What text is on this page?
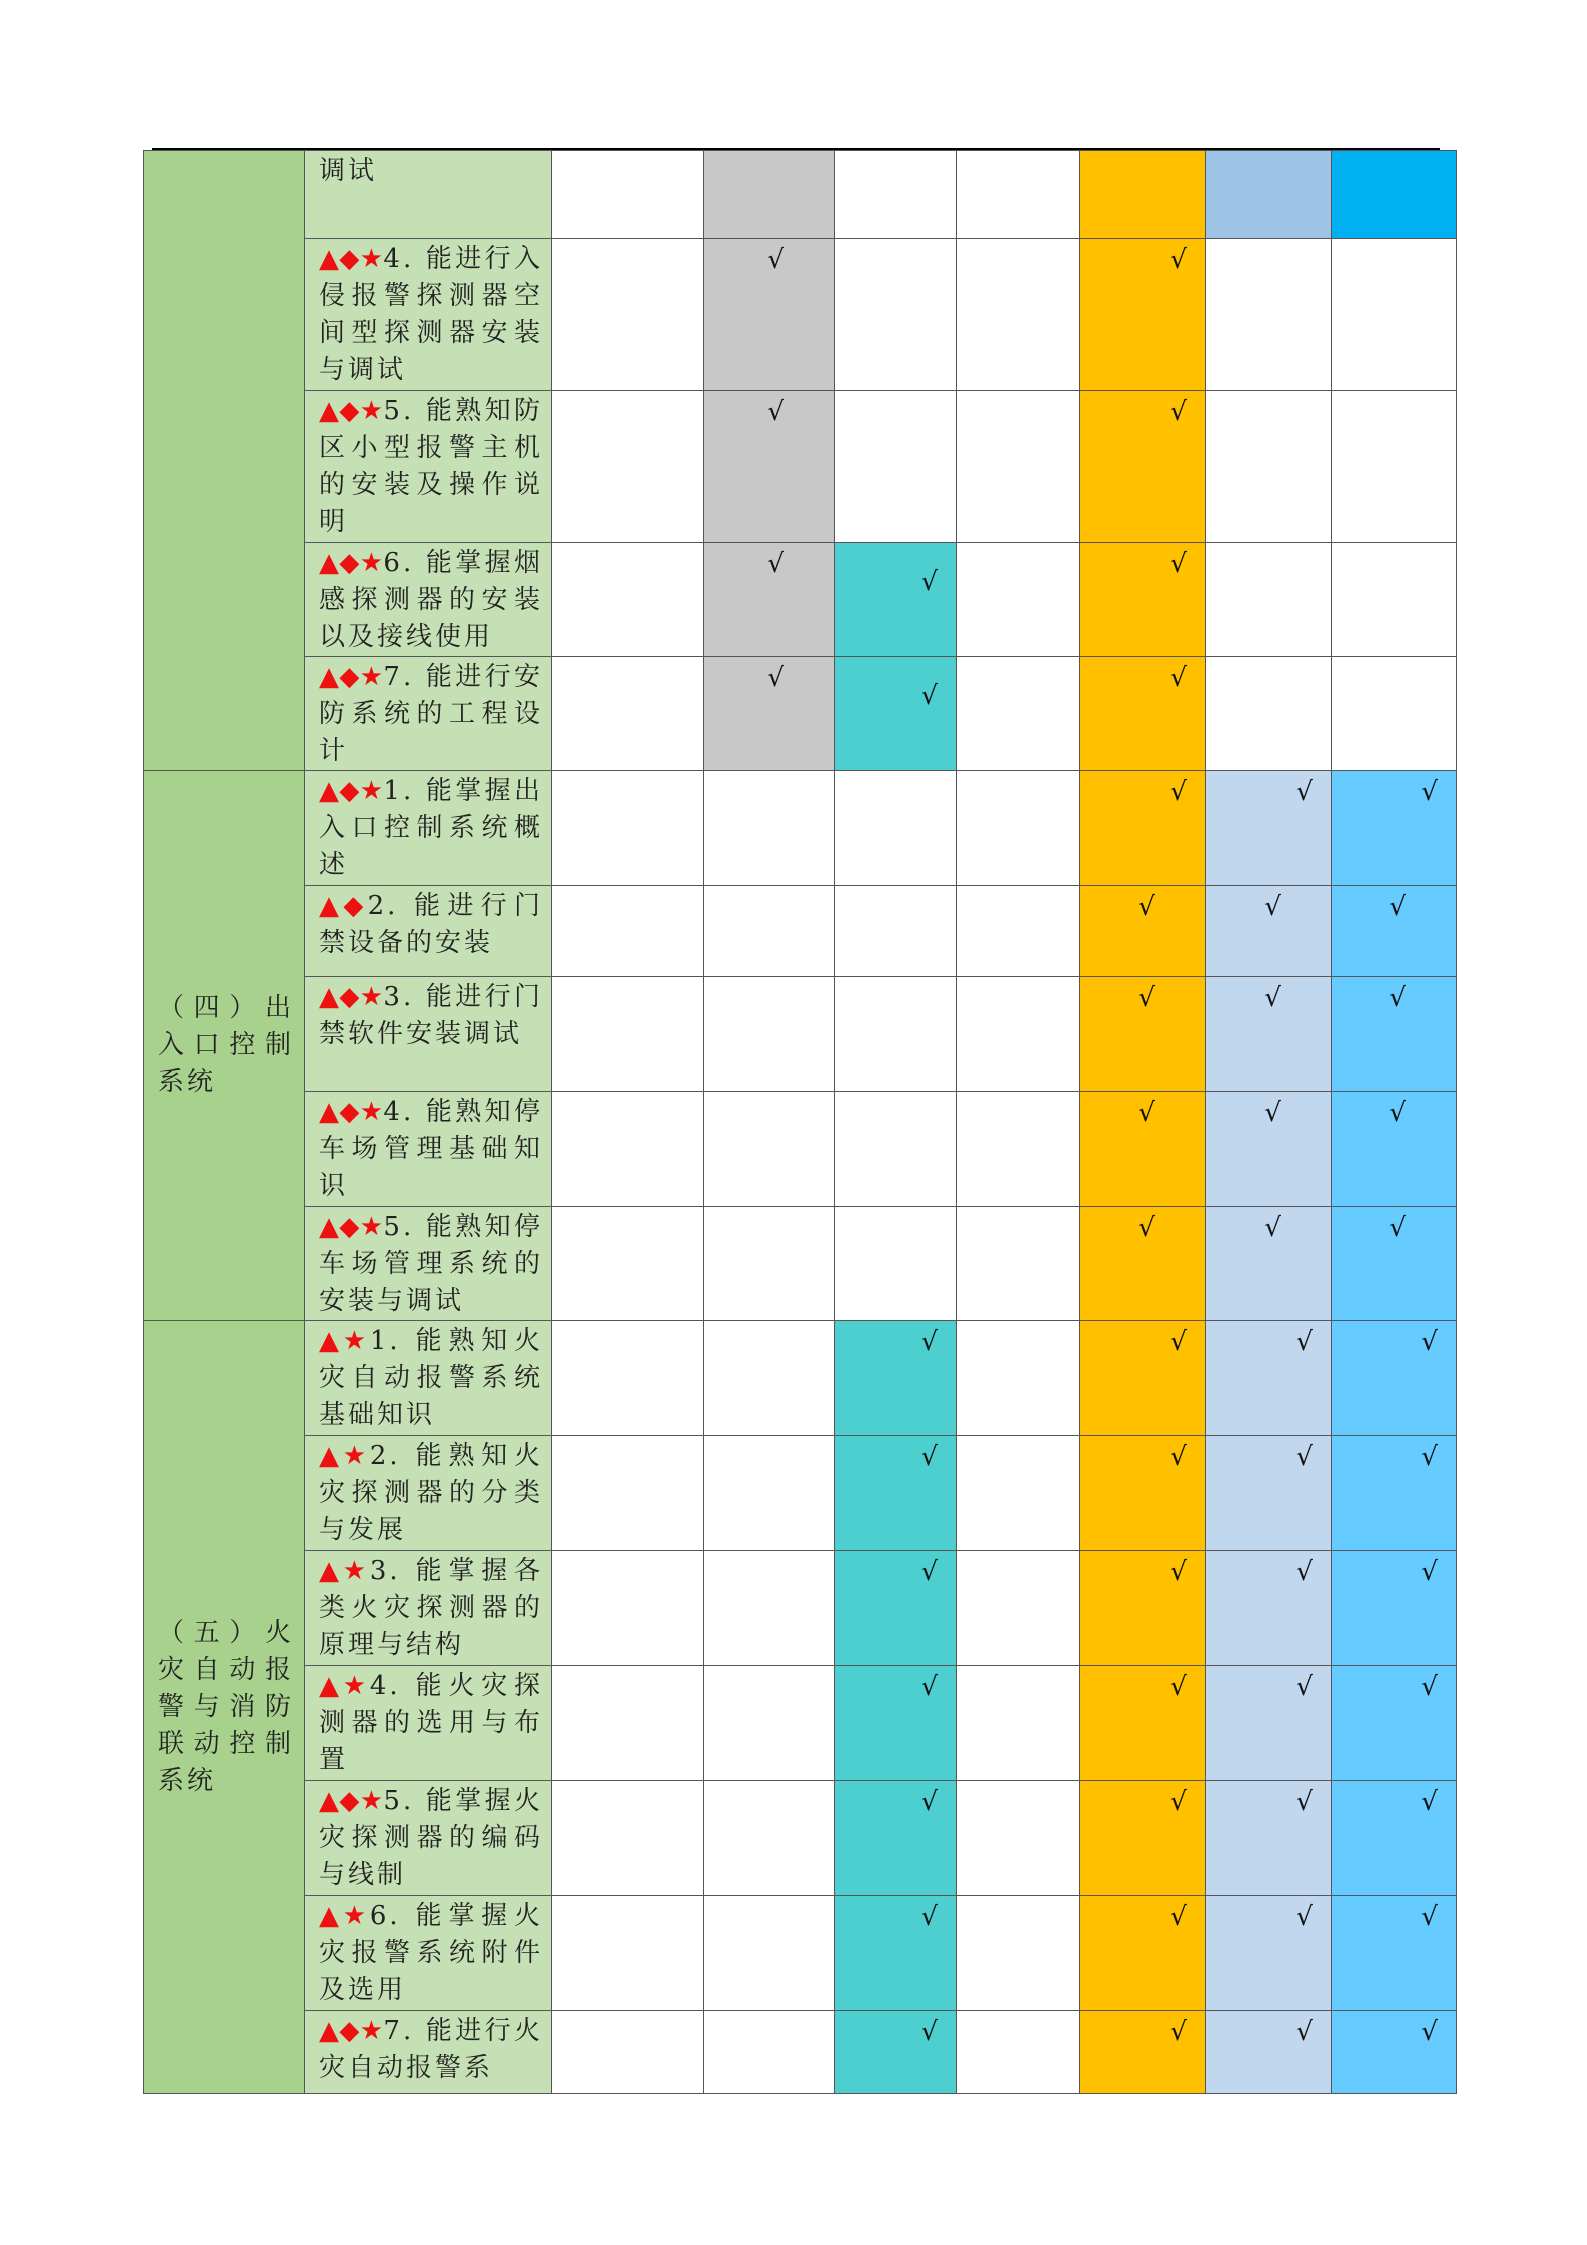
	调试	

	▲◆★4. 能进行入侵报警探测器空间型探测器安装与调试		√			√		

	▲◆★5. 能熟知防区小型报警主机的安装及操作说明		√			√		

	▲◆★6. 能掌握烟感探测器的安装以及接线使用		√	√		√		

	▲◆★7. 能进行安防系统的工程设计		√	√		√		

（四）出入口控制系统	▲◆★1. 能掌握出入口控制系统概述					√	√	√

	▲◆2. 能进行门禁设备的安装					√	√	√

	▲◆★3. 能进行门禁软件安装调试					√	√	√

	▲◆★4. 能熟知停车场管理基础知识					√	√	√

	▲◆★5. 能熟知停车场管理系统的安装与调试					√	√	√

（五）火灾自动报警与消防联动控制系统	▲★1. 能熟知火灾自动报警系统基础知识			√		√	√	√

	▲★2. 能熟知火灾探测器的分类与发展			√		√	√	√

	▲★3. 能掌握各类火灾探测器的原理与结构			√		√	√	√

	▲★4. 能火灾探测器的选用与布置			√		√	√	√

	▲◆★5. 能掌握火灾探测器的编码与线制			√		√	√	√

	▲★6. 能掌握火灾报警系统附件及选用			√		√	√	√

	▲◆★7. 能进行火灾自动报警系			√		√	√	√
